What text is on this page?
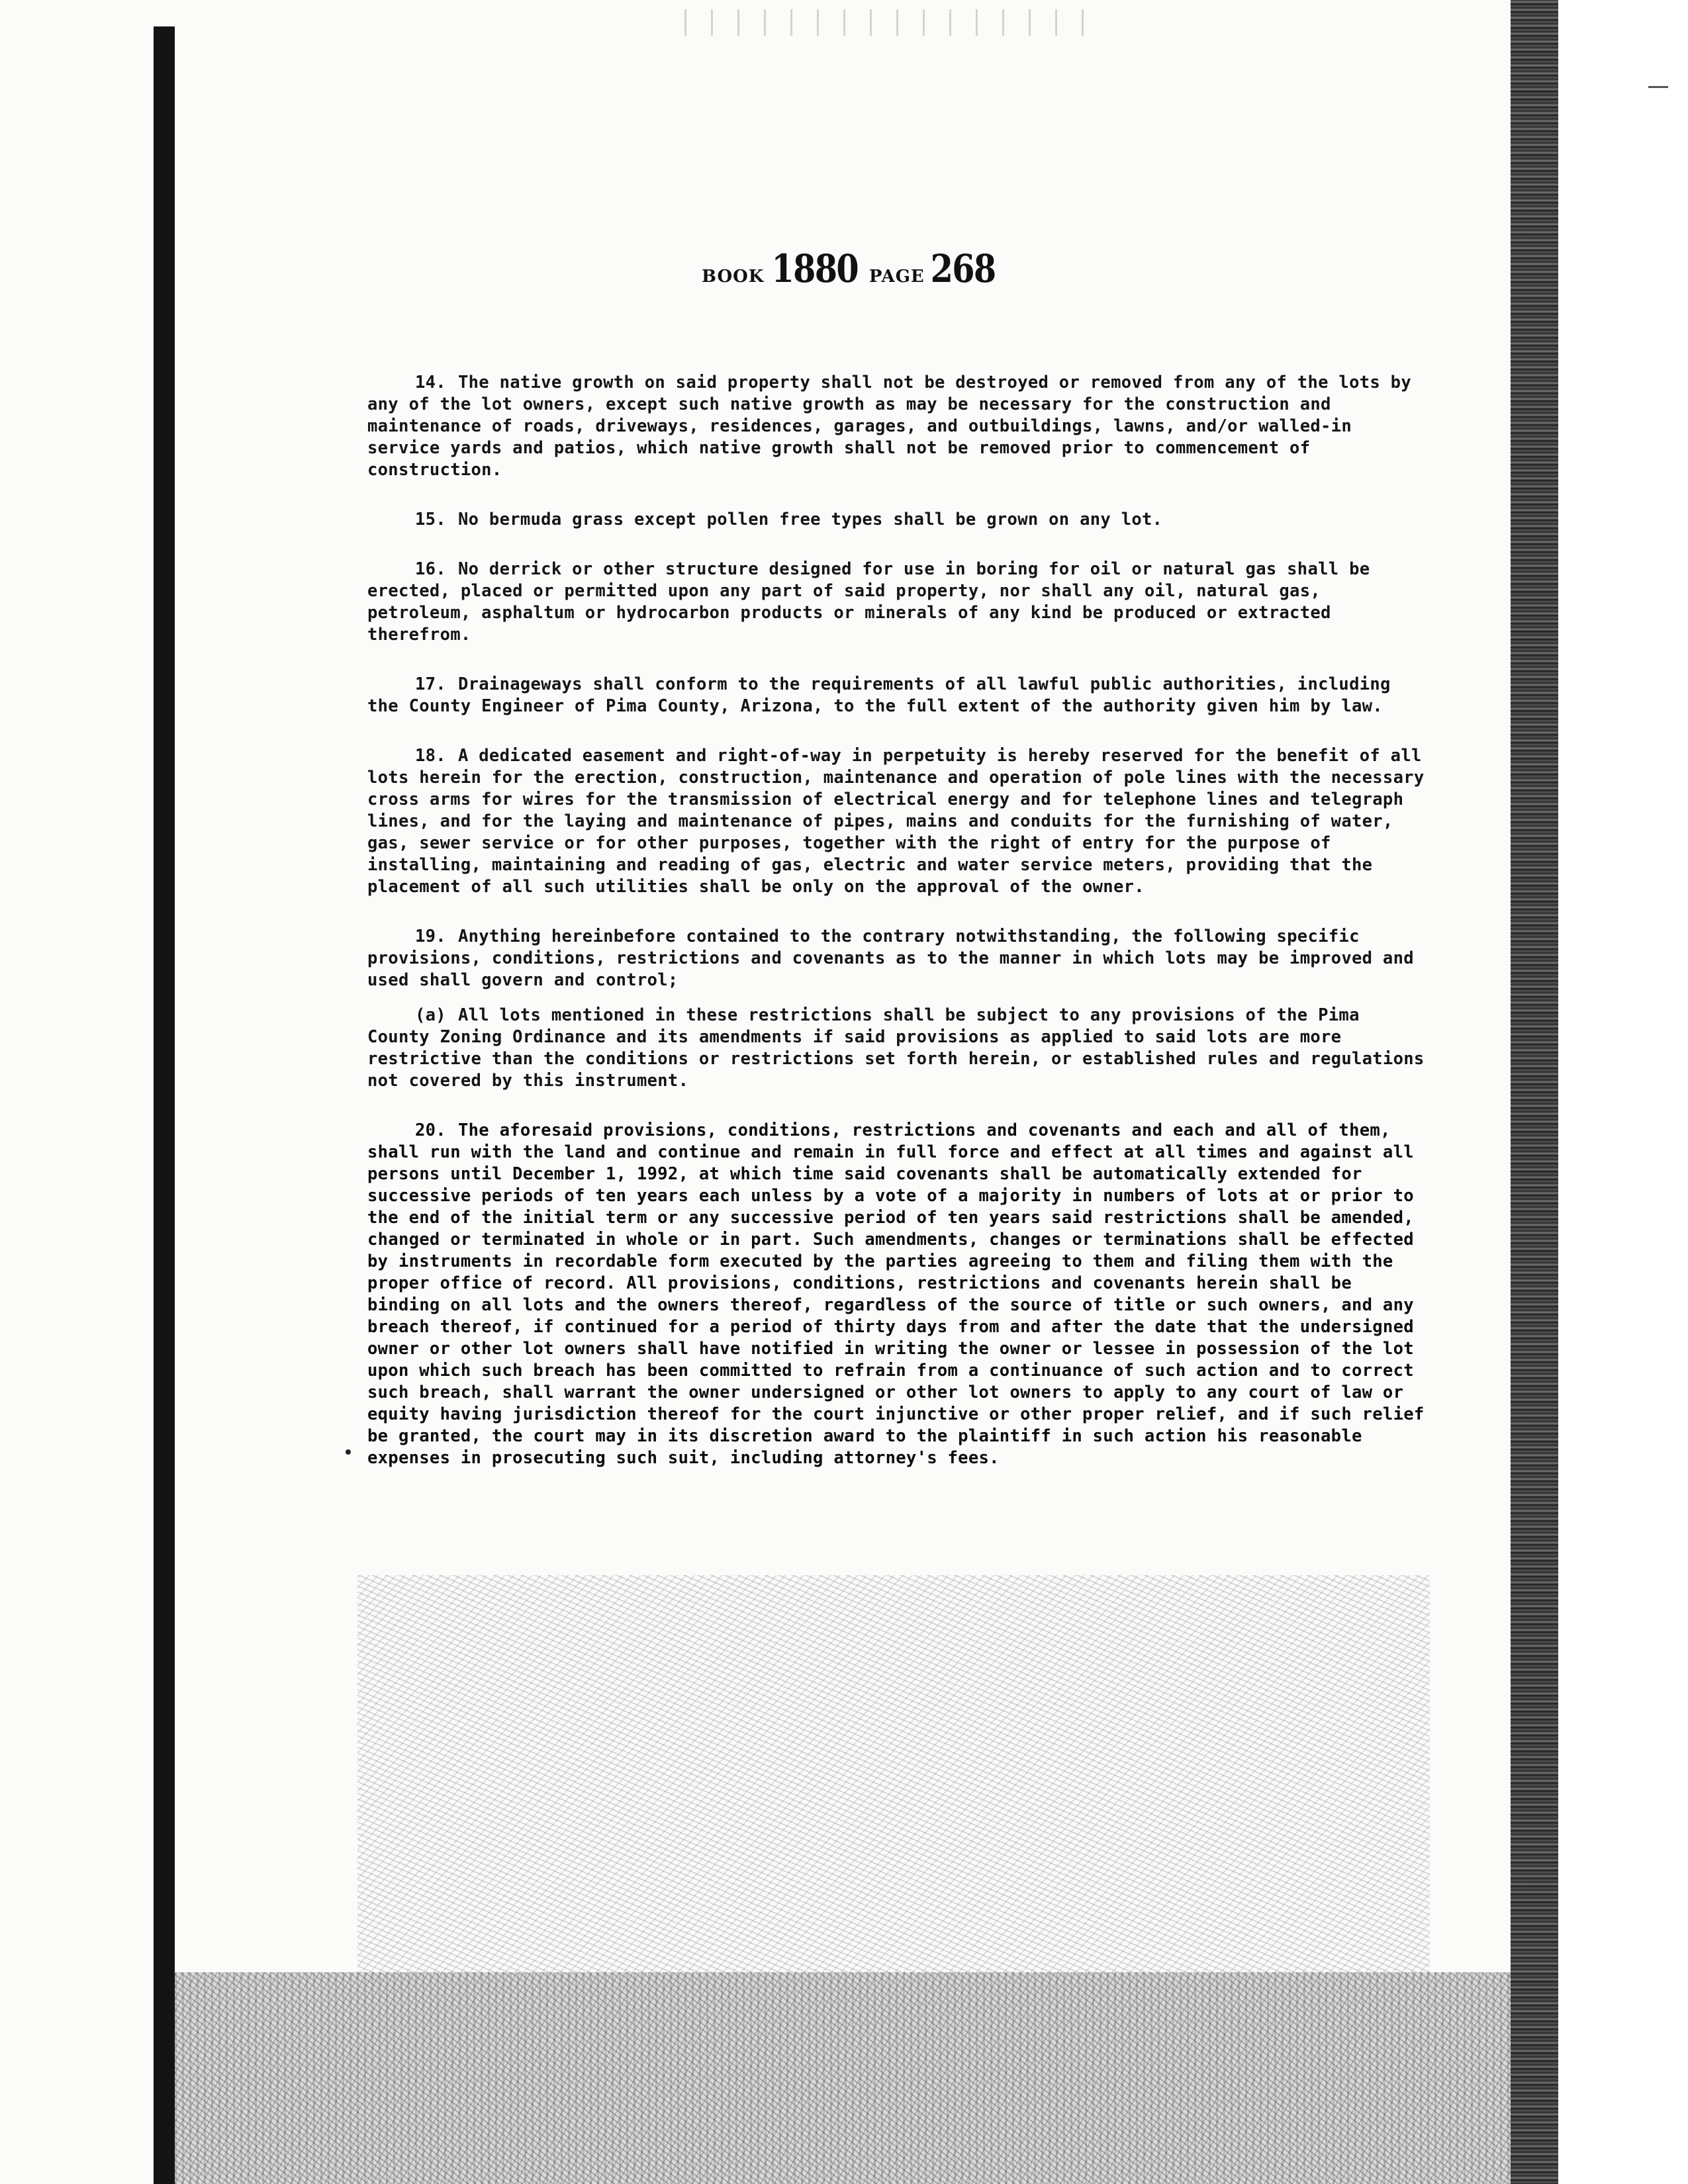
BOOK 1880 PAGE 268

14. The native growth on said property shall not be destroyed or removed from any of the lots by any of the lot owners, except such native growth as may be necessary for the construction and maintenance of roads, driveways, residences, garages, and outbuildings, lawns, and/or walled-in service yards and patios, which native growth shall not be removed prior to commencement of construction.

15. No bermuda grass except pollen free types shall be grown on any lot.

16. No derrick or other structure designed for use in boring for oil or natural gas shall be erected, placed or permitted upon any part of said property, nor shall any oil, natural gas, petroleum, asphaltum or hydrocarbon products or minerals of any kind be produced or extracted therefrom.

17. Drainageways shall conform to the requirements of all lawful public authorities, including the County Engineer of Pima County, Arizona, to the full extent of the authority given him by law.

18. A dedicated easement and right-of-way in perpetuity is hereby reserved for the benefit of all lots herein for the erection, construction, maintenance and operation of pole lines with the necessary cross arms for wires for the transmission of electrical energy and for telephone lines and telegraph lines, and for the laying and maintenance of pipes, mains and conduits for the furnishing of water, gas, sewer service or for other purposes, together with the right of entry for the purpose of installing, maintaining and reading of gas, electric and water service meters, providing that the placement of all such utilities shall be only on the approval of the owner.

19. Anything hereinbefore contained to the contrary notwithstanding, the following specific provisions, conditions, restrictions and covenants as to the manner in which lots may be improved and used shall govern and control;

(a) All lots mentioned in these restrictions shall be subject to any provisions of the Pima County Zoning Ordinance and its amendments if said provisions as applied to said lots are more restrictive than the conditions or restrictions set forth herein, or established rules and regulations not covered by this instrument.

20. The aforesaid provisions, conditions, restrictions and covenants and each and all of them, shall run with the land and continue and remain in full force and effect at all times and against all persons until December 1, 1992, at which time said covenants shall be automatically extended for successive periods of ten years each unless by a vote of a majority in numbers of lots at or prior to the end of the initial term or any successive period of ten years said restrictions shall be amended, changed or terminated in whole or in part. Such amendments, changes or terminations shall be effected by instruments in recordable form executed by the parties agreeing to them and filing them with the proper office of record. All provisions, conditions, restrictions and covenants herein shall be binding on all lots and the owners thereof, regardless of the source of title or such owners, and any breach thereof, if continued for a period of thirty days from and after the date that the undersigned owner or other lot owners shall have notified in writing the owner or lessee in possession of the lot upon which such breach has been committed to refrain from a continuance of such action and to correct such breach, shall warrant the owner undersigned or other lot owners to apply to any court of law or equity having jurisdiction thereof for the court injunctive or other proper relief, and if such relief be granted, the court may in its discretion award to the plaintiff in such action his reasonable expenses in prosecuting such suit, including attorney's fees.
